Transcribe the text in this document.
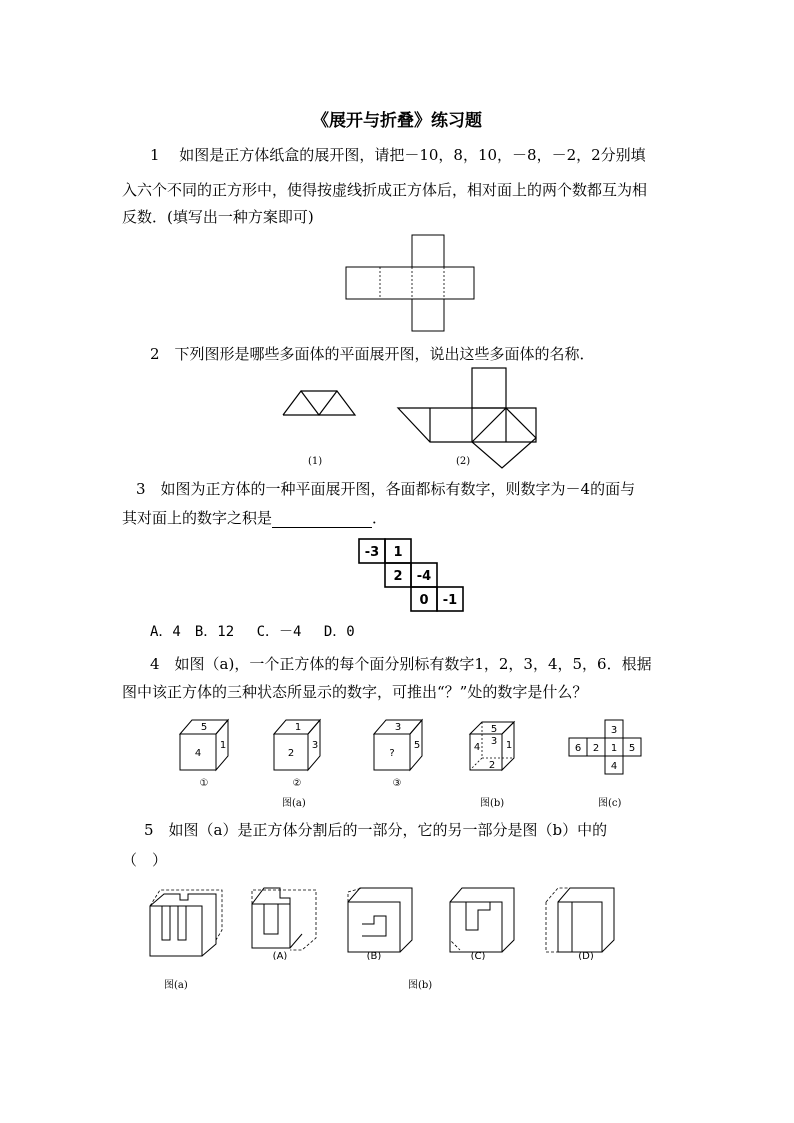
《展开与折叠》练习题
1　 如图是正方体纸盒的展开图，请把－10，8，10，－8，－2，2分别填
入六个不同的正方形中，使得按虚线折成正方体后，相对面上的两个数都互为相
反数．(填写出一种方案即可)
2　下列图形是哪些多面体的平面展开图，说出这些多面体的名称．
(1)	(2)
3　如图为正方体的一种平面展开图，各面都标有数字，则数字为－4的面与
其对面上的数字之积是	．
-3 1
2 -4
0 -1
A．4　B．12　 C．－4　 D．0
4　如图（a)，一个正方体的每个面分别标有数字1，2，3，4，5，6．根据
图中该正方体的三种状态所显示的数字，可推出“？”处的数字是什么？
5
4
1
1
2
3
3
?
5
5
1
4
3
2
3
6 2 1 5
4
①	②	③
图(a)	图(b)	图(c)
5　如图（a）是正方体分割后的一部分，它的另一部分是图（b）中的
（　）
(A)	(B)	(C)	(D)
图(a)	图(b)
